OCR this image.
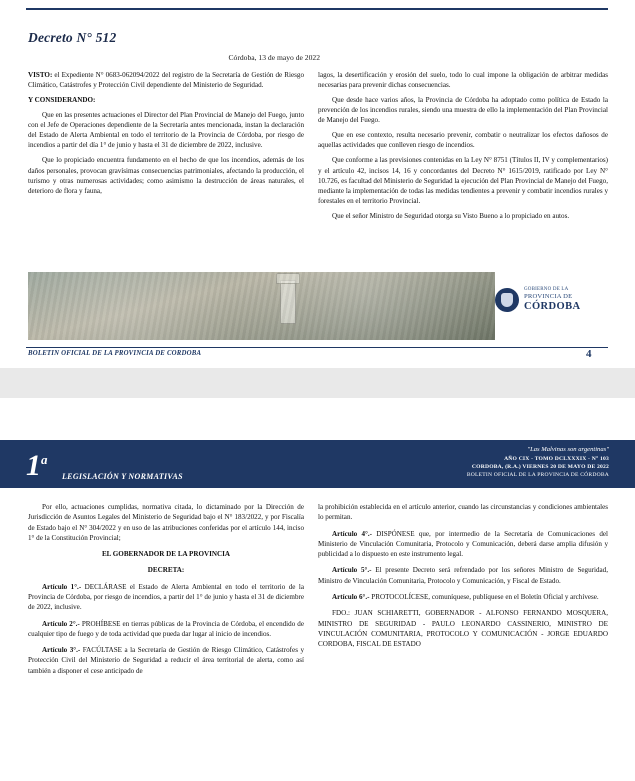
Decreto N° 512
Córdoba, 13 de mayo de 2022

VISTO: el Expediente N° 0683-062094/2022 del registro de la Secretaría de Gestión de Riesgo Climático, Catástrofes y Protección Civil dependiente del Ministerio de Seguridad.

Y CONSIDERANDO:

Que en las presentes actuaciones el Director del Plan Provincial de Manejo del Fuego, junto con el Jefe de Operaciones dependiente de la Secretaría antes mencionada, instan la declaración del Estado de Alerta Ambiental en todo el territorio de la Provincia de Córdoba, por riesgo de incendios a partir del día 1° de junio y hasta el 31 de diciembre de 2022, inclusive.

Que lo propiciado encuentra fundamento en el hecho de que los incendios, además de los daños personales, provocan gravísimas consecuencias patrimoniales, afectando la producción, el turismo y otras numerosas actividades; como asimismo la destrucción de áreas naturales, el deterioro de flora y fauna,

lagos, la desertificación y erosión del suelo, todo lo cual impone la obligación de arbitrar medidas necesarias para prevenir dichas consecuencias.

Que desde hace varios años, la Provincia de Córdoba ha adoptado como política de Estado la prevención de los incendios rurales, siendo una muestra de ello la implementación del Plan Provincial de Manejo del Fuego.

Que en ese contexto, resulta necesario prevenir, combatir o neutralizar los efectos dañosos de aquellas actividades que conlleven riesgo de incendios.

Que conforme a las previsiones contenidas en la Ley N° 8751 (Títulos II, IV y complementarios) y el artículo 42, incisos 14, 16 y concordantes del Decreto N° 1615/2019, ratificado por Ley N° 10.726, es facultad del Ministerio de Seguridad la ejecución del Plan Provincial de Manejo del Fuego, mediante la implementación de todas las medidas tendientes a prevenir y combatir incendios rurales y forestales en el territorio Provincial.

Que el señor Ministro de Seguridad otorga su Visto Bueno a lo propiciado en autos.

GOBIERNO DE LA
PROVINCIA DE
CÓRDOBA
BOLETIN OFICIAL DE LA PROVINCIA DE CORDOBA	4
1$^a$
LEGISLACIÓN Y NORMATIVAS
"Las Malvinas son argentinas"
AÑO CIX - TOMO DCLXXXIX - N° 103
CORDOBA, (R.A.) VIERNES 20 DE MAYO DE 2022
BOLETIN OFICIAL DE LA PROVINCIA DE CÓRDOBA

Por ello, actuaciones cumplidas, normativa citada, lo dictaminado por la Dirección de Jurisdicción de Asuntos Legales del Ministerio de Seguridad bajo el N° 183/2022, y por Fiscalía de Estado bajo el N° 304/2022 y en uso de las atribuciones conferidas por el artículo 144, inciso 1° de la Constitución Provincial;

EL GOBERNADOR DE LA PROVINCIA

DECRETA:

Artículo 1°.- DECLÁRASE el Estado de Alerta Ambiental en todo el territorio de la Provincia de Córdoba, por riesgo de incendios, a partir del 1° de junio y hasta el 31 de diciembre de 2022, inclusive.

Artículo 2°.- PROHÍBESE en tierras públicas de la Provincia de Córdoba, el encendido de cualquier tipo de fuego y de toda actividad que pueda dar lugar al inicio de incendios.

Artículo 3°.- FACÚLTASE a la Secretaría de Gestión de Riesgo Climático, Catástrofes y Protección Civil del Ministerio de Seguridad a reducir el área territorial de alerta, como así también a disponer el cese anticipado de

la prohibición establecida en el artículo anterior, cuando las circunstancias y condiciones ambientales lo permitan.

Artículo 4°.- DISPÓNESE que, por intermedio de la Secretaría de Comunicaciones del Ministerio de Vinculación Comunitaria, Protocolo y Comunicación, deberá darse amplia difusión y publicidad a lo dispuesto en este instrumento legal.

Artículo 5°.- El presente Decreto será refrendado por los señores Ministro de Seguridad, Ministro de Vinculación Comunitaria, Protocolo y Comunicación, y Fiscal de Estado.

Artículo 6°.- PROTOCOLÍCESE, comuníquese, publíquese en el Boletín Oficial y archívese.

FDO.: JUAN SCHIARETTI, GOBERNADOR - ALFONSO FERNANDO MOSQUERA, MINISTRO DE SEGURIDAD - PAULO LEONARDO CASSINERIO, MINISTRO DE VINCULACIÓN COMUNITARIA, PROTOCOLO Y COMUNICACIÓN - JORGE EDUARDO CORDOBA, FISCAL DE ESTADO
